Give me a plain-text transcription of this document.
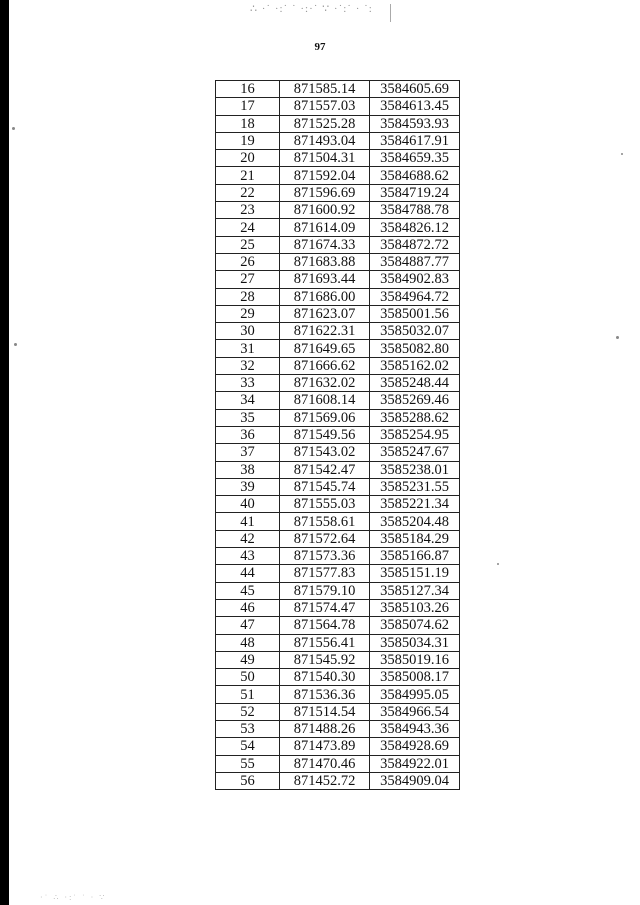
∴ ·˙ ·:˙ ˙ ·:·˙ ∵ ·˙:˙ · ˙:
97
16	871585.14	3584605.69
17	871557.03	3584613.45
18	871525.28	3584593.93
19	871493.04	3584617.91
20	871504.31	3584659.35
21	871592.04	3584688.62
22	871596.69	3584719.24
23	871600.92	3584788.78
24	871614.09	3584826.12
25	871674.33	3584872.72
26	871683.88	3584887.77
27	871693.44	3584902.83
28	871686.00	3584964.72
29	871623.07	3585001.56
30	871622.31	3585032.07
31	871649.65	3585082.80
32	871666.62	3585162.02
33	871632.02	3585248.44
34	871608.14	3585269.46
35	871569.06	3585288.62
36	871549.56	3585254.95
37	871543.02	3585247.67
38	871542.47	3585238.01
39	871545.74	3585231.55
40	871555.03	3585221.34
41	871558.61	3585204.48
42	871572.64	3585184.29
43	871573.36	3585166.87
44	871577.83	3585151.19
45	871579.10	3585127.34
46	871574.47	3585103.26
47	871564.78	3585074.62
48	871556.41	3585034.31
49	871545.92	3585019.16
50	871540.30	3585008.17
51	871536.36	3584995.05
52	871514.54	3584966.54
53	871488.26	3584943.36
54	871473.89	3584928.69
55	871470.46	3584922.01
56	871452.72	3584909.04
·˙ ∴ ·:˙ ˙ · ∵
